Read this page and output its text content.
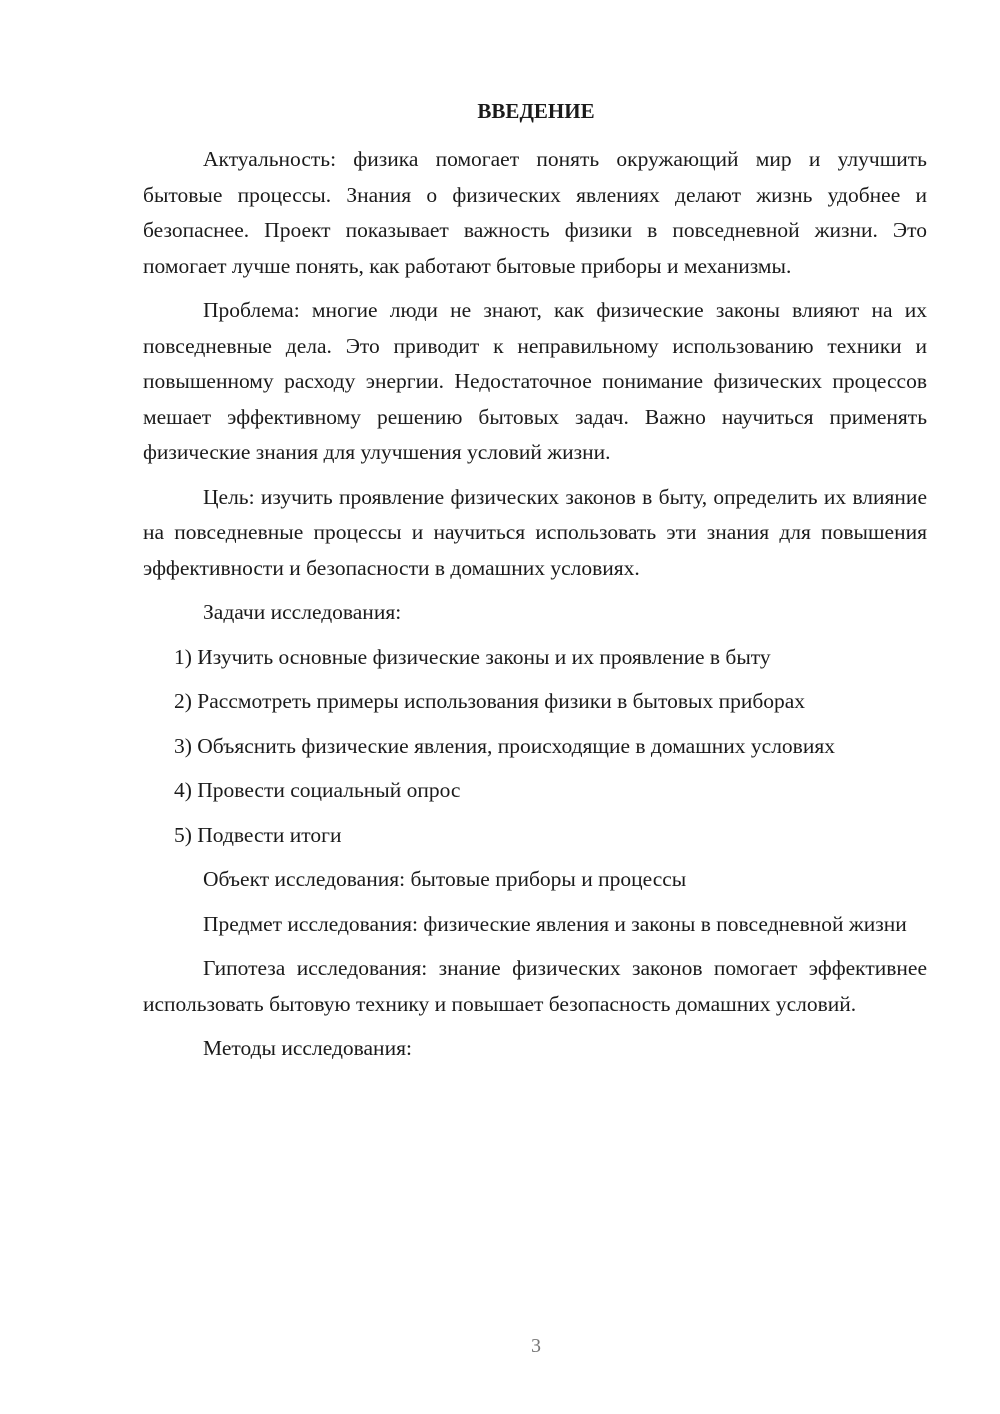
ВВЕДЕНИЕ

Актуальность: физика помогает понять окружающий мир и улучшить бытовые процессы. Знания о физических явлениях делают жизнь удобнее и безопаснее. Проект показывает важность физики в повседневной жизни. Это помогает лучше понять, как работают бытовые приборы и механизмы.

Проблема: многие люди не знают, как физические законы влияют на их повседневные дела. Это приводит к неправильному использованию техники и повышенному расходу энергии. Недостаточное понимание физических процессов мешает эффективному решению бытовых задач. Важно научиться применять физические знания для улучшения условий жизни.

Цель: изучить проявление физических законов в быту, определить их влияние на повседневные процессы и научиться использовать эти знания для повышения эффективности и безопасности в домашних условиях.

Задачи исследования:

1) Изучить основные физические законы и их проявление в быту

2) Рассмотреть примеры использования физики в бытовых приборах

3) Объяснить физические явления, происходящие в домашних условиях

4) Провести социальный опрос

5) Подвести итоги

Объект исследования: бытовые приборы и процессы

Предмет исследования: физические явления и законы в повседневной жизни

Гипотеза исследования: знание физических законов помогает эффективнее использовать бытовую технику и повышает безопасность домашних условий.

Методы исследования:

3
